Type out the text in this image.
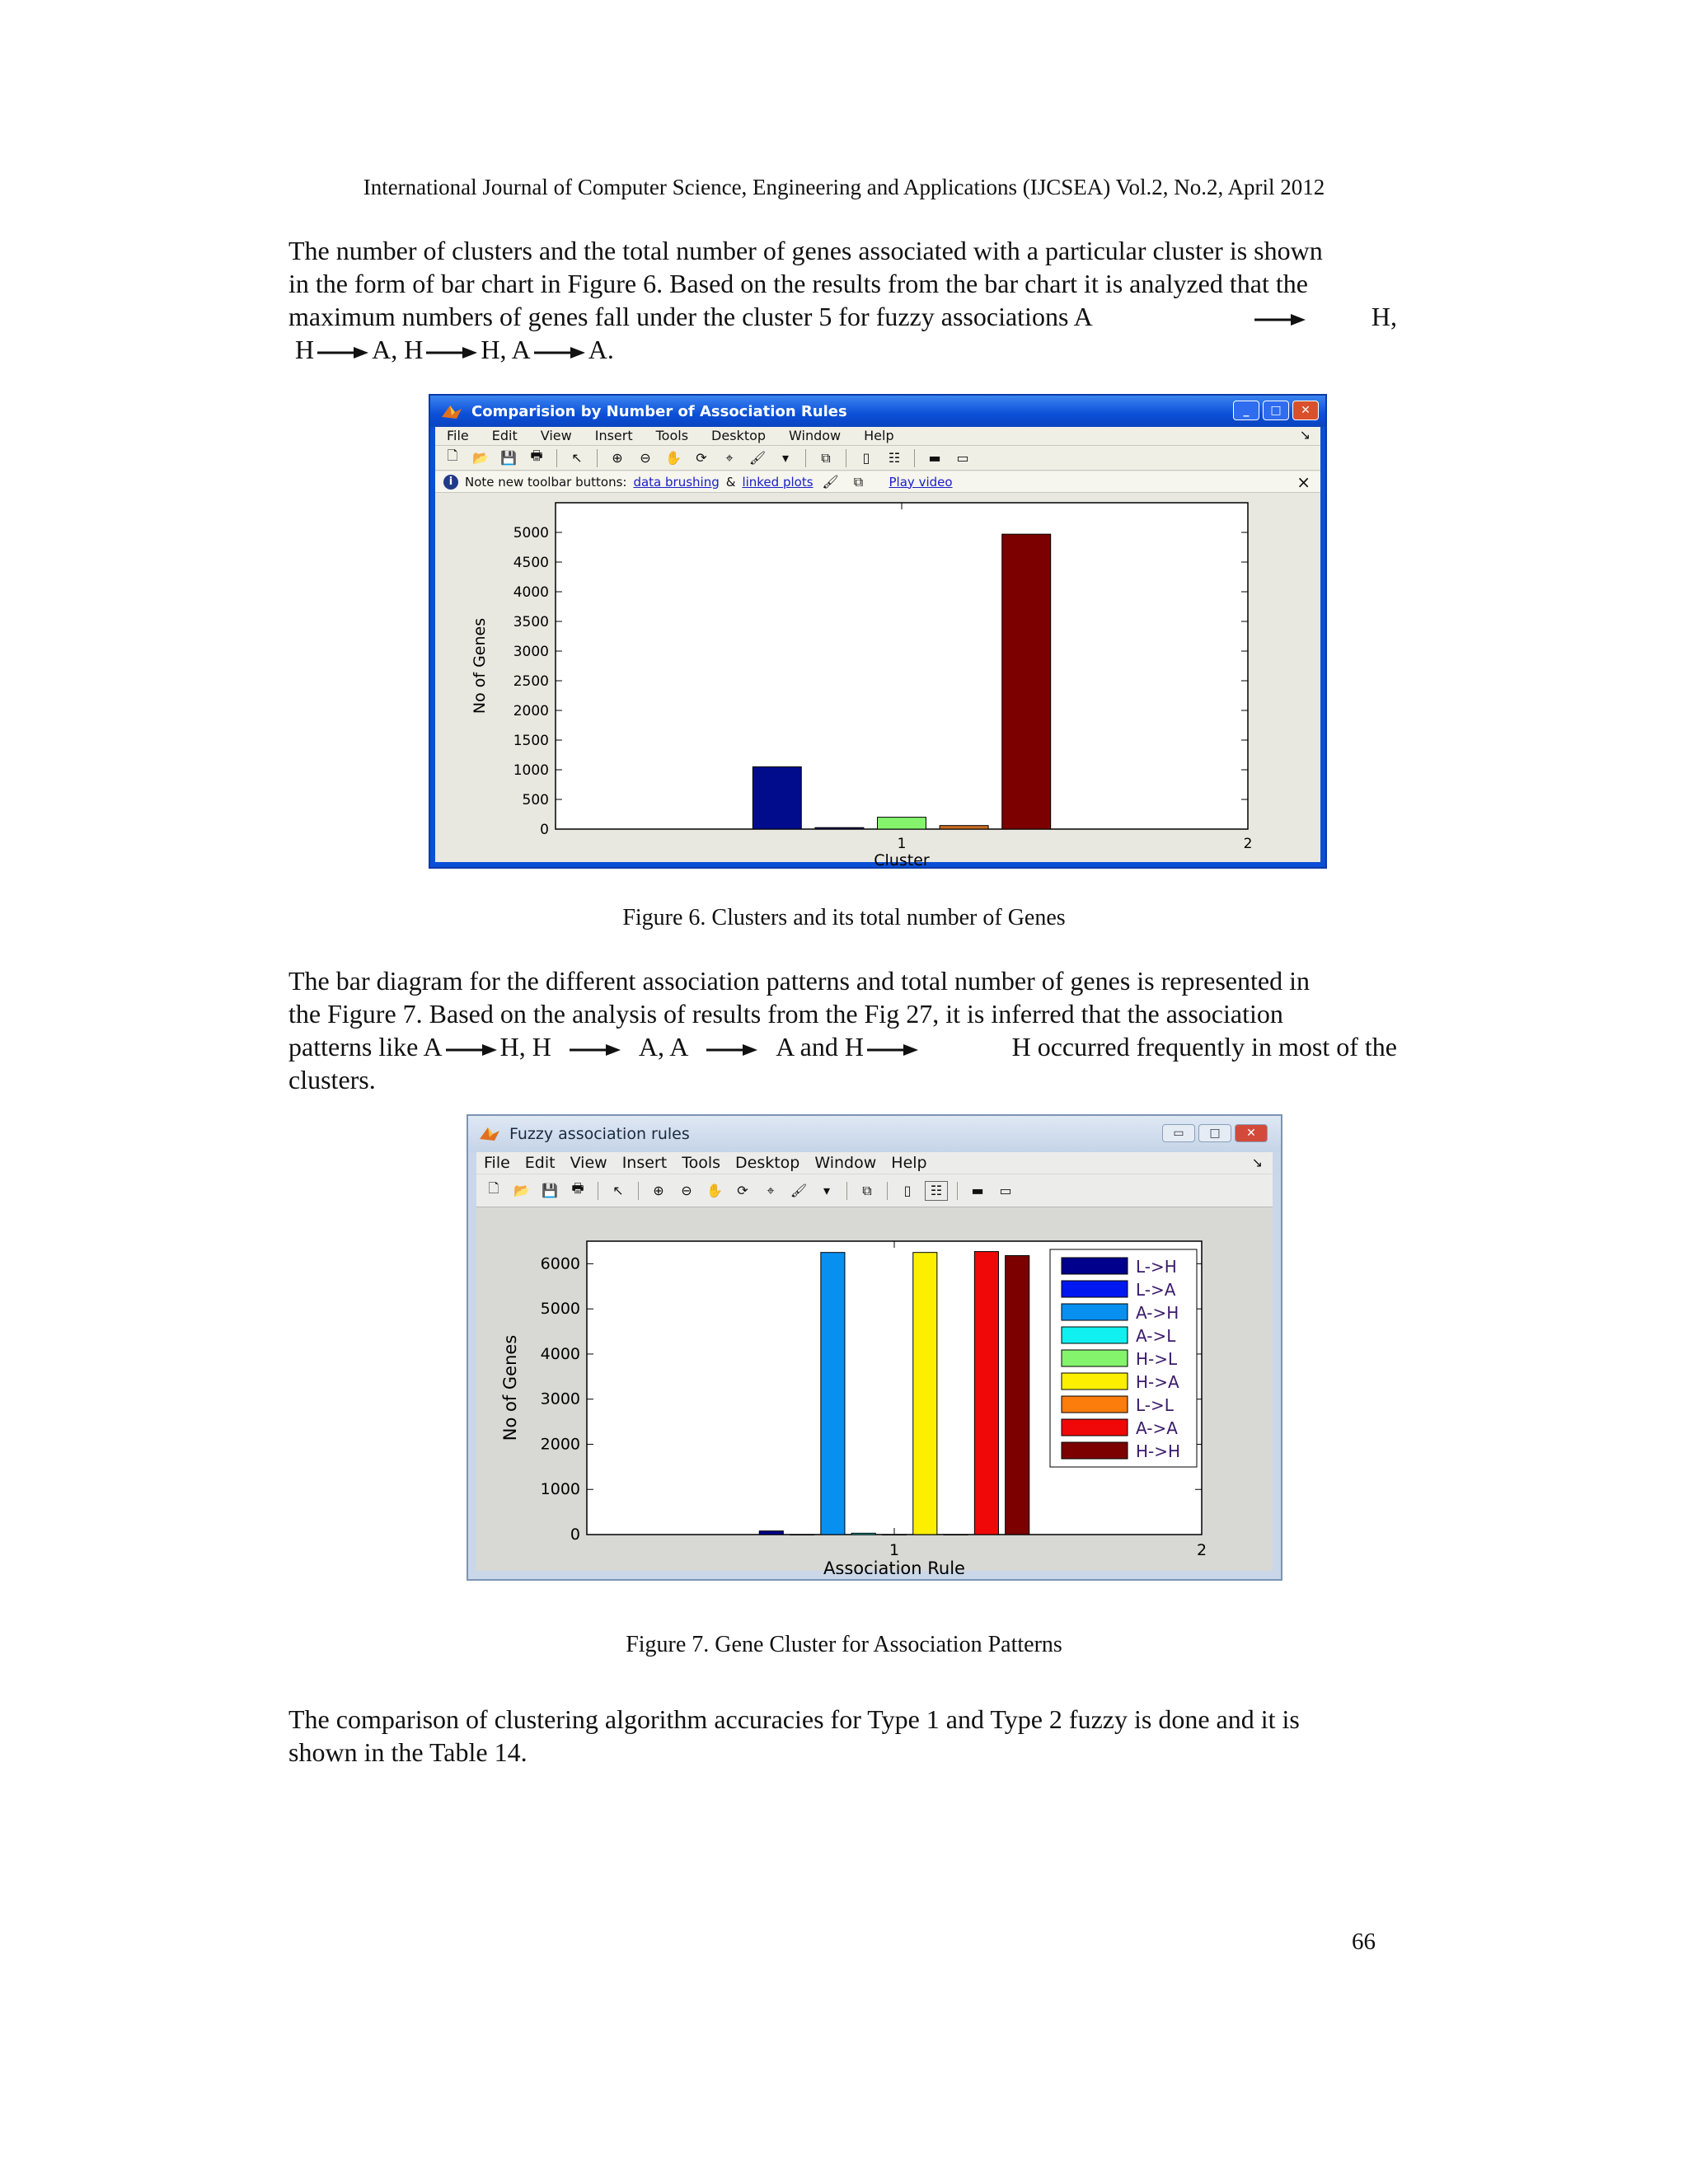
International Journal of Computer Science, Engineering and Applications (IJCSEA) Vol.2, No.2, April 2012

The number of clusters and the total number of genes associated with a particular cluster is shown

in the form of bar chart in Figure 6. Based on the results from the bar chart it is analyzed that the

maximum numbers of genes fall under the cluster 5 for fuzzy associations A	H,

H A, H H, A A.

Comparision by Number of Association Rules	_	□	✕
File	Edit	View	Insert	Tools	Desktop	Window	Help	↘
🗋	📂 💾	🖶	↖	⊕	⊖	✋	⟳	⌖	🖌	▾	⧉	▯	☷	▬	▭
i Note new toolbar buttons: data brushing & linked plots 🖌	⧉	Play video	×
0
500
1000
1500
2000
2500
3000
3500
4000
4500
5000
1	2
Cluster
No of Genes
Figure 6. Clusters and its total number of Genes

The bar diagram for the different association patterns and total number of genes is represented in

the Figure 7. Based on the analysis of results from the Fig 27, it is inferred that the association

patterns like A H, H	A, A	A and H	H occurred frequently in most of the

clusters.

Fuzzy association rules	▭	□	✕
File Edit View Insert Tools Desktop Window Help	↘
🗋	📂 💾	🖶	↖	⊕	⊖	✋	⟳	⌖	🖌	▾	⧉	▯	☷	▬	▭
0
1000
2000
3000
4000
5000
6000
1	2
Association Rule
No of Genes
L->H
L->A
A->H
A->L
H->L
H->A
L->L
A->A
H->H
Figure 7. Gene Cluster for Association Patterns

The comparison of clustering algorithm accuracies for Type 1 and Type 2 fuzzy is done and it is

shown in the Table 14.

66
